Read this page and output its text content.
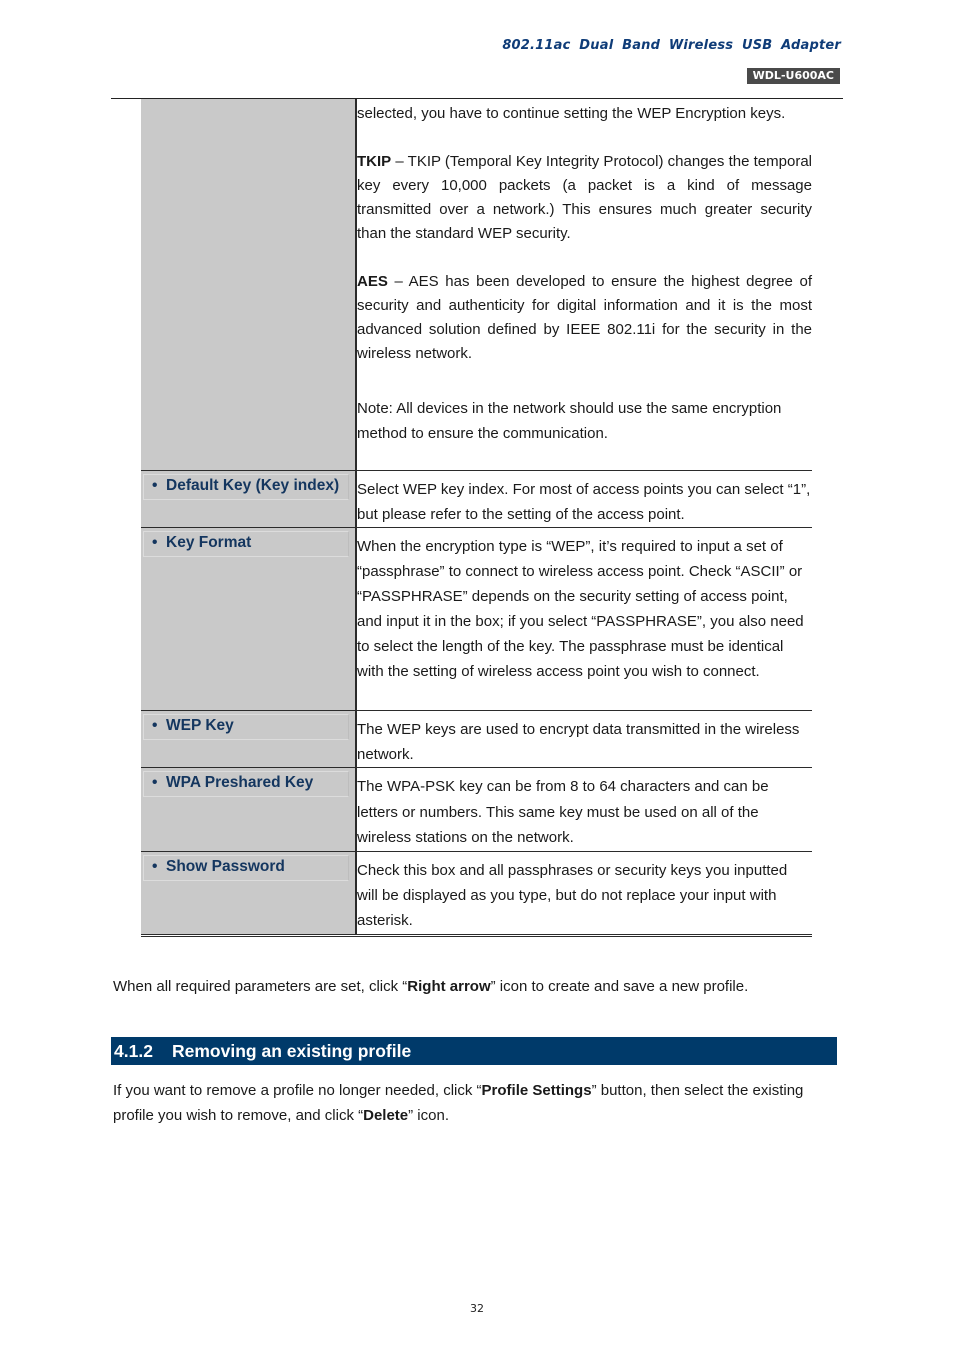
802.11ac Dual Band Wireless USB Adapter
WDL-U600AC

	selected, you have to continue setting the WEP Encryption keys.
TKIP – TKIP (Temporal Key Integrity Protocol) changes the temporal key every 10,000 packets (a packet is a kind of message transmitted over a network.) This ensures much greater security than the standard WEP security.
AES – AES has been developed to ensure the highest degree of security and authenticity for digital information and it is the most advanced solution defined by IEEE 802.11i for the security in the wireless network.
Note: All devices in the network should use the same encryption method to ensure the communication.

• Default Key (Key index)	Select WEP key index. For most of access points you can select “1”, but please refer to the setting of the access point.

• Key Format	When the encryption type is “WEP”, it’s required to input a set of “passphrase” to connect to wireless access point. Check “ASCII” or “PASSPHRASE” depends on the security setting of access point, and input it in the box; if you select “PASSPHRASE”, you also need to select the length of the key. The passphrase must be identical with the setting of wireless access point you wish to connect.

• WEP Key	The WEP keys are used to encrypt data transmitted in the wireless network.

• WPA Preshared Key	The WPA-PSK key can be from 8 to 64 characters and can be letters or numbers. This same key must be used on all of the wireless stations on the network.

• Show Password	Check this box and all passphrases or security keys you inputted will be displayed as you type, but do not replace your input with asterisk.
When all required parameters are set, click “Right arrow” icon to create and save a new profile.
4.1.2 Removing an existing profile
If you want to remove a profile no longer needed, click “Profile Settings” button, then select the existing profile you wish to remove, and click “Delete” icon.
32
